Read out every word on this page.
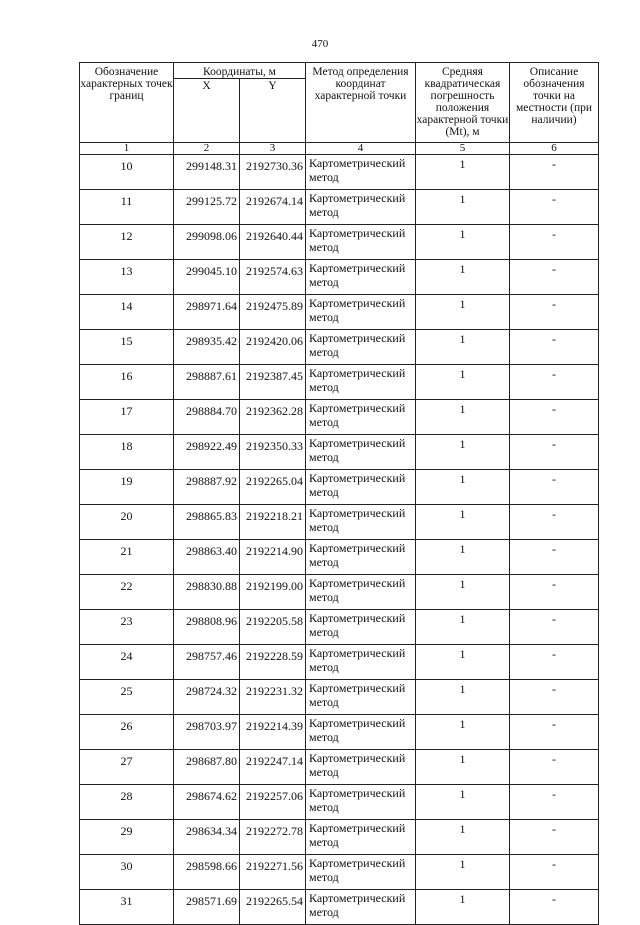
470
Обозначение характерных точек границ	Координаты, м		Метод определения координат характерной точки	Средняя квадратическая погрешность положения характерной точки (Mt), м	Описание обозначения точки на местности (при наличии)
	X	Y			
1	2	3	4	5	6
10	299148.31	2192730.36	Картометрический метод	1	-
11	299125.72	2192674.14	Картометрический метод	1	-
12	299098.06	2192640.44	Картометрический метод	1	-
13	299045.10	2192574.63	Картометрический метод	1	-
14	298971.64	2192475.89	Картометрический метод	1	-
15	298935.42	2192420.06	Картометрический метод	1	-
16	298887.61	2192387.45	Картометрический метод	1	-
17	298884.70	2192362.28	Картометрический метод	1	-
18	298922.49	2192350.33	Картометрический метод	1	-
19	298887.92	2192265.04	Картометрический метод	1	-
20	298865.83	2192218.21	Картометрический метод	1	-
21	298863.40	2192214.90	Картометрический метод	1	-
22	298830.88	2192199.00	Картометрический метод	1	-
23	298808.96	2192205.58	Картометрический метод	1	-
24	298757.46	2192228.59	Картометрический метод	1	-
25	298724.32	2192231.32	Картометрический метод	1	-
26	298703.97	2192214.39	Картометрический метод	1	-
27	298687.80	2192247.14	Картометрический метод	1	-
28	298674.62	2192257.06	Картометрический метод	1	-
29	298634.34	2192272.78	Картометрический метод	1	-
30	298598.66	2192271.56	Картометрический метод	1	-
31	298571.69	2192265.54	Картометрический метод	1	-
